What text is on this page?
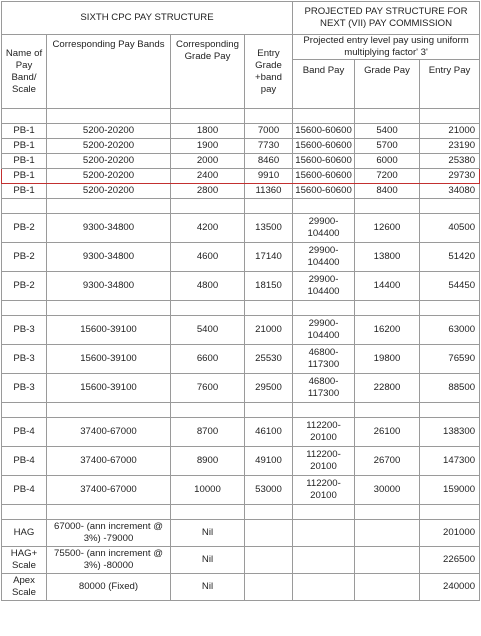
SIXTH CPC PAY STRUCTURE				PROJECTED PAY STRUCTURE FOR NEXT (VII) PAY COMMISSION		
Name of Pay Band/ Scale	Corresponding Pay Bands	Corresponding Grade Pay	Entry Grade +band pay	Projected entry level pay using uniform multiplying factor' 3'		
				Band Pay	Grade Pay	Entry Pay

PB-1	5200-20200	1800	7000	15600-60600	5400	21000
PB-1	5200-20200	1900	7730	15600-60600	5700	23190
PB-1	5200-20200	2000	8460	15600-60600	6000	25380
PB-1	5200-20200	2400	9910	15600-60600	7200	29730
PB-1	5200-20200	2800	11360	15600-60600	8400	34080

PB-2	9300-34800	4200	13500	29900-104400	12600	40500
PB-2	9300-34800	4600	17140	29900-104400	13800	51420
PB-2	9300-34800	4800	18150	29900-104400	14400	54450

PB-3	15600-39100	5400	21000	29900-104400	16200	63000
PB-3	15600-39100	6600	25530	46800-117300	19800	76590
PB-3	15600-39100	7600	29500	46800-117300	22800	88500

PB-4	37400-67000	8700	46100	112200-20100	26100	138300
PB-4	37400-67000	8900	49100	112200-20100	26700	147300
PB-4	37400-67000	10000	53000	112200-20100	30000	159000

HAG	67000- (ann increment @ 3%) -79000	Nil				201000
HAG+ Scale	75500- (ann increment @ 3%) -80000	Nil				226500
Apex Scale	80000 (Fixed)	Nil				240000
